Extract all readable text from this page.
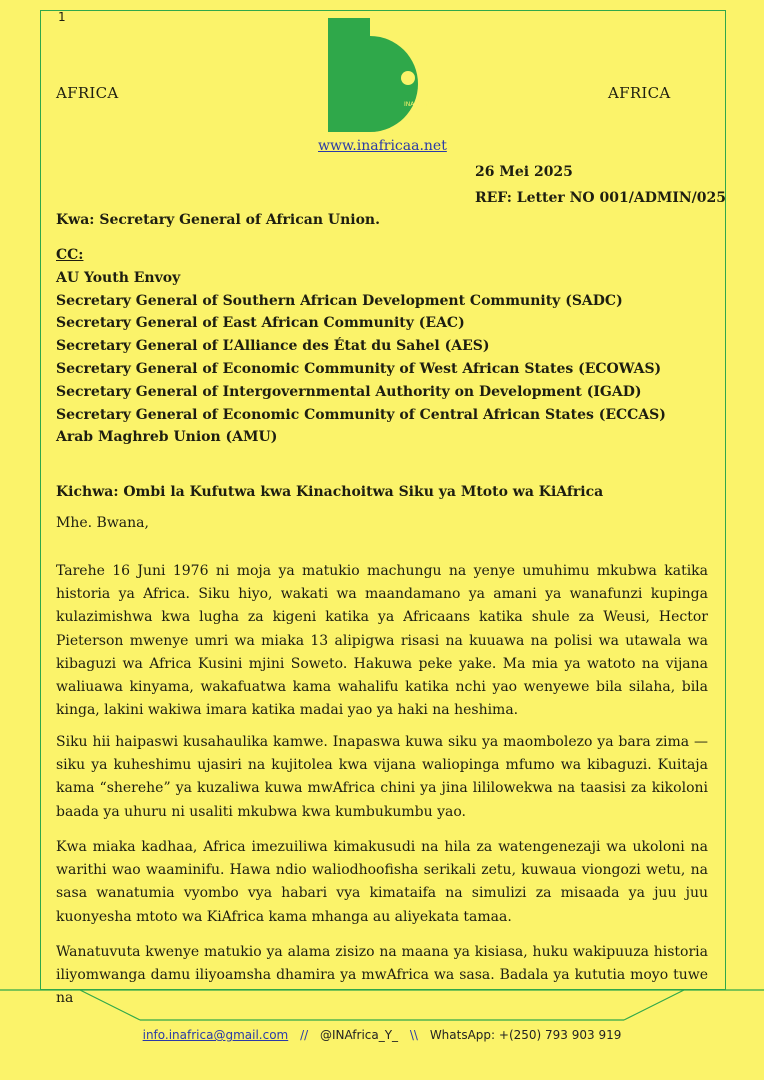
1
AFRICA	AFRICA
INAfrica
www.inafricaa.net
26 Mei 2025
REF: Letter NO 001/ADMIN/025
Kwa: Secretary General of African Union.
CC:
AU Youth Envoy
Secretary General of Southern African Development Community (SADC)
Secretary General of East African Community (EAC)
Secretary General of L’Alliance des État du Sahel (AES)
Secretary General of Economic Community of West African States (ECOWAS)
Secretary General of Intergovernmental Authority on Development (IGAD)
Secretary General of Economic Community of Central African States (ECCAS)
Arab Maghreb Union (AMU)
Kichwa: Ombi la Kufutwa kwa Kinachoitwa Siku ya Mtoto wa KiAfrica
Mhe. Bwana,

Tarehe 16 Juni 1976 ni moja ya matukio machungu na yenye umuhimu mkubwa katika historia ya Africa. Siku hiyo, wakati wa maandamano ya amani ya wanafunzi kupinga kulazimishwa kwa lugha za kigeni katika ya Africaans katika shule za Weusi, Hector Pieterson mwenye umri wa miaka 13 alipigwa risasi na kuuawa na polisi wa utawala wa kibaguzi wa Africa Kusini mjini Soweto. Hakuwa peke yake. Ma mia ya watoto na vijana waliuawa kinyama, wakafuatwa kama wahalifu katika nchi yao wenyewe bila silaha, bila kinga, lakini wakiwa imara katika madai yao ya haki na heshima.

Siku hii haipaswi kusahaulika kamwe. Inapaswa kuwa siku ya maombolezo ya bara zima — siku ya kuheshimu ujasiri na kujitolea kwa vijana waliopinga mfumo wa kibaguzi. Kuitaja kama “sherehe” ya kuzaliwa kuwa mwAfrica chini ya jina lililowekwa na taasisi za kikoloni baada ya uhuru ni usaliti mkubwa kwa kumbukumbu yao.

Kwa miaka kadhaa, Africa imezuiliwa kimakusudi na hila za watengenezaji wa ukoloni na warithi wao waaminifu. Hawa ndio waliodhoofisha serikali zetu, kuwaua viongozi wetu, na sasa wanatumia vyombo vya habari vya kimataifa na simulizi za misaada ya juu juu kuonyesha mtoto wa KiAfrica kama mhanga au aliyekata tamaa.

Wanatuvuta kwenye matukio ya alama zisizo na maana ya kisiasa, huku wakipuuza historia iliyomwanga damu iliyoamsha dhamira ya mwAfrica wa sasa. Badala ya kututia moyo tuwe na

info.inafrica@gmail.com // @INAfrica_Y_ \\ WhatsApp: +(250) 793 903 919
